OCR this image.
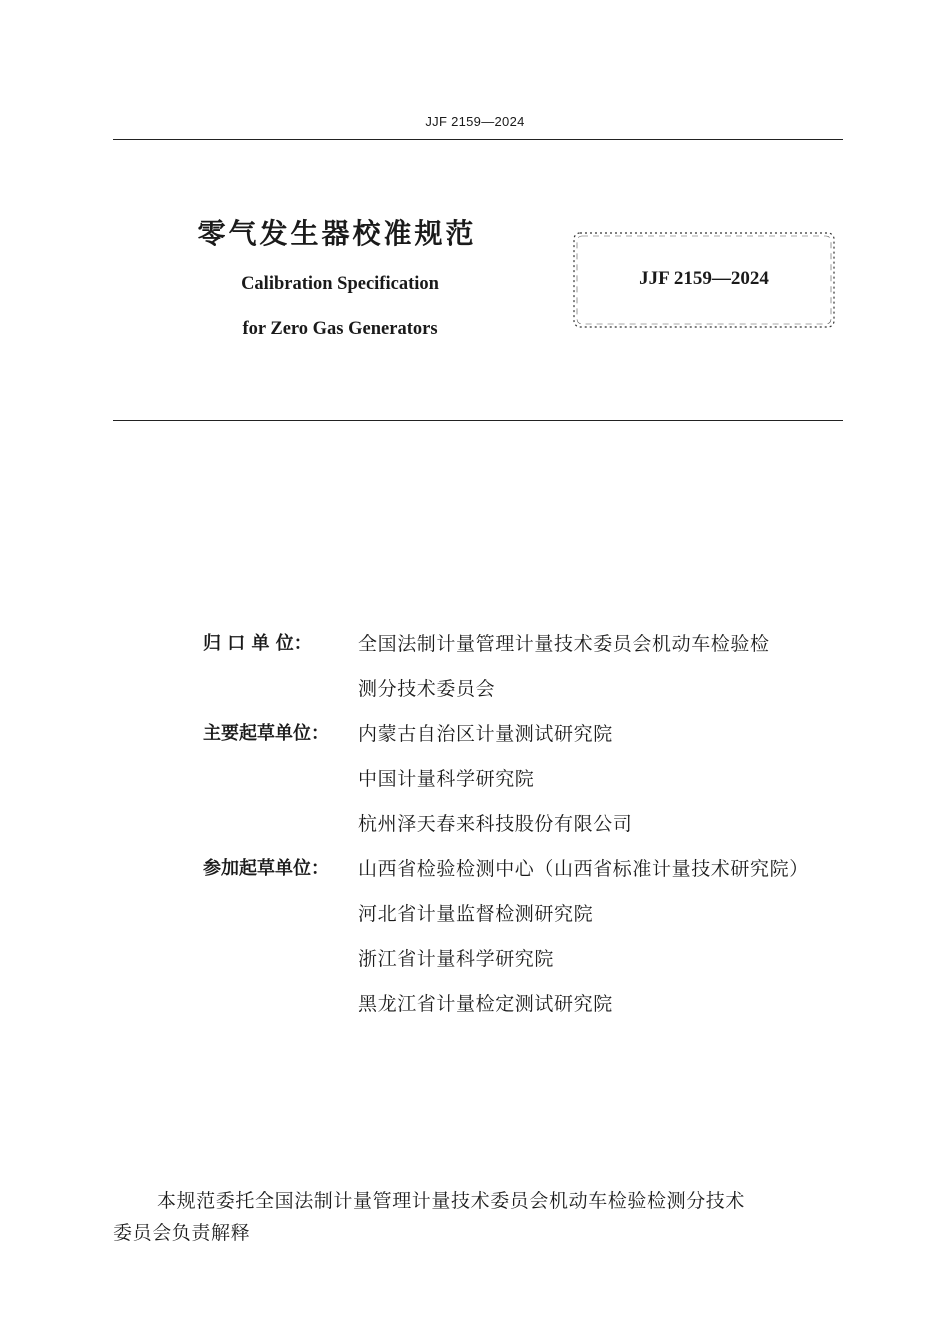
JJF 2159—2024
零气发生器校准规范
Calibration Specification
for Zero Gas Generators
JJF 2159—2024
归 口 单 位：	全国法制计量管理计量技术委员会机动车检验检
测分技术委员会
主要起草单位：	内蒙古自治区计量测试研究院
中国计量科学研究院
杭州泽天春来科技股份有限公司
参加起草单位：	山西省检验检测中心（山西省标准计量技术研究院）
河北省计量监督检测研究院
浙江省计量科学研究院
黑龙江省计量检定测试研究院
本规范委托全国法制计量管理计量技术委员会机动车检验检测分技术
委员会负责解释
